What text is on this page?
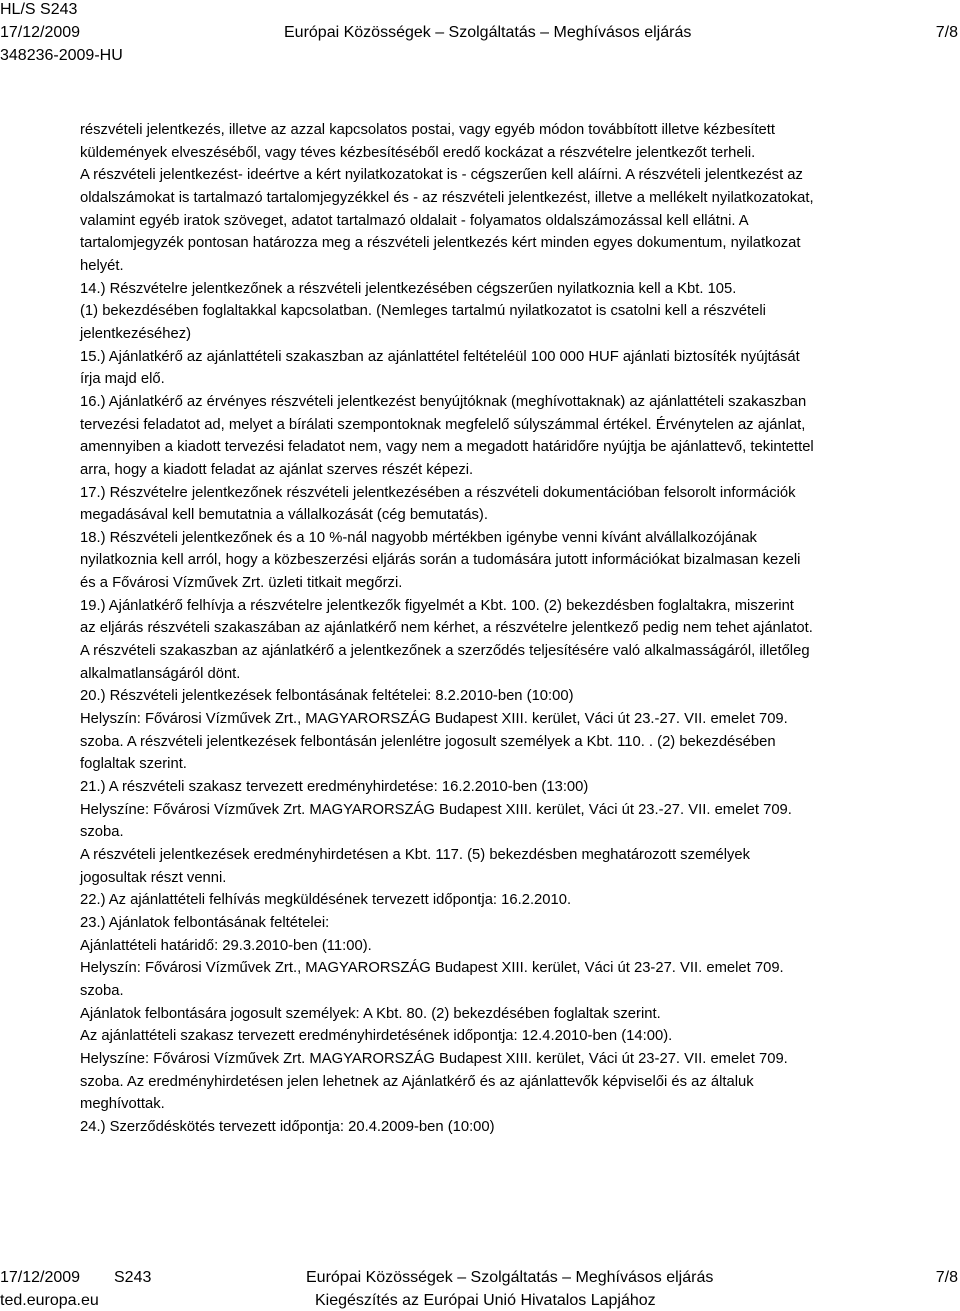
HL/S S243
17/12/2009	Európai Közösségek – Szolgáltatás – Meghívásos eljárás	7/8
348236-2009-HU

részvételi jelentkezés, illetve az azzal kapcsolatos postai, vagy egyéb módon továbbított illetve kézbesített

küldemények elveszéséből, vagy téves kézbesítéséből eredő kockázat a részvételre jelentkezőt terheli.

A részvételi jelentkezést- ideértve a kért nyilatkozatokat is - cégszerűen kell aláírni. A részvételi jelentkezést az

oldalszámokat is tartalmazó tartalomjegyzékkel és - az részvételi jelentkezést, illetve a mellékelt nyilatkozatokat,

valamint egyéb iratok szöveget, adatot tartalmazó oldalait - folyamatos oldalszámozással kell ellátni. A

tartalomjegyzék pontosan határozza meg a részvételi jelentkezés kért minden egyes dokumentum, nyilatkozat

helyét.

14.) Részvételre jelentkezőnek a részvételi jelentkezésében cégszerűen nyilatkoznia kell a Kbt. 105.

(1) bekezdésében foglaltakkal kapcsolatban. (Nemleges tartalmú nyilatkozatot is csatolni kell a részvételi

jelentkezéséhez)

15.) Ajánlatkérő az ajánlattételi szakaszban az ajánlattétel feltételéül 100 000 HUF ajánlati biztosíték nyújtását

írja majd elő.

16.) Ajánlatkérő az érvényes részvételi jelentkezést benyújtóknak (meghívottaknak) az ajánlattételi szakaszban

tervezési feladatot ad, melyet a bírálati szempontoknak megfelelő súlyszámmal értékel. Érvénytelen az ajánlat,

amennyiben a kiadott tervezési feladatot nem, vagy nem a megadott határidőre nyújtja be ajánlattevő, tekintettel

arra, hogy a kiadott feladat az ajánlat szerves részét képezi.

17.) Részvételre jelentkezőnek részvételi jelentkezésében a részvételi dokumentációban felsorolt információk

megadásával kell bemutatnia a vállalkozását (cég bemutatás).

18.) Részvételi jelentkezőnek és a 10 %-nál nagyobb mértékben igénybe venni kívánt alvállalkozójának

nyilatkoznia kell arról, hogy a közbeszerzési eljárás során a tudomására jutott információkat bizalmasan kezeli

és a Fővárosi Vízművek Zrt. üzleti titkait megőrzi.

19.) Ajánlatkérő felhívja a részvételre jelentkezők figyelmét a Kbt. 100. (2) bekezdésben foglaltakra, miszerint

az eljárás részvételi szakaszában az ajánlatkérő nem kérhet, a részvételre jelentkező pedig nem tehet ajánlatot.

A részvételi szakaszban az ajánlatkérő a jelentkezőnek a szerződés teljesítésére való alkalmasságáról, illetőleg

alkalmatlanságáról dönt.

20.) Részvételi jelentkezések felbontásának feltételei: 8.2.2010-ben (10:00)

Helyszín: Fővárosi Vízművek Zrt., MAGYARORSZÁG Budapest XIII. kerület, Váci út 23.-27. VII. emelet 709.

szoba. A részvételi jelentkezések felbontásán jelenlétre jogosult személyek a Kbt. 110. . (2) bekezdésében

foglaltak szerint.

21.) A részvételi szakasz tervezett eredményhirdetése: 16.2.2010-ben (13:00)

Helyszíne: Fővárosi Vízművek Zrt. MAGYARORSZÁG Budapest XIII. kerület, Váci út 23.-27. VII. emelet 709.

szoba.

A részvételi jelentkezések eredményhirdetésen a Kbt. 117. (5) bekezdésben meghatározott személyek

jogosultak részt venni.

22.) Az ajánlattételi felhívás megküldésének tervezett időpontja: 16.2.2010.

23.) Ajánlatok felbontásának feltételei:

Ajánlattételi határidő: 29.3.2010-ben (11:00).

Helyszín: Fővárosi Vízművek Zrt., MAGYARORSZÁG Budapest XIII. kerület, Váci út 23-27. VII. emelet 709.

szoba.

Ajánlatok felbontására jogosult személyek: A Kbt. 80. (2) bekezdésében foglaltak szerint.

Az ajánlattételi szakasz tervezett eredményhirdetésének időpontja: 12.4.2010-ben (14:00).

Helyszíne: Fővárosi Vízművek Zrt. MAGYARORSZÁG Budapest XIII. kerület, Váci út 23-27. VII. emelet 709.

szoba. Az eredményhirdetésen jelen lehetnek az Ajánlatkérő és az ajánlattevők képviselői és az általuk

meghívottak.

24.) Szerződéskötés tervezett időpontja: 20.4.2009-ben (10:00)

17/12/2009 S243	Európai Közösségek – Szolgáltatás – Meghívásos eljárás	7/8
ted.europa.eu	Kiegészítés az Európai Unió Hivatalos Lapjához
